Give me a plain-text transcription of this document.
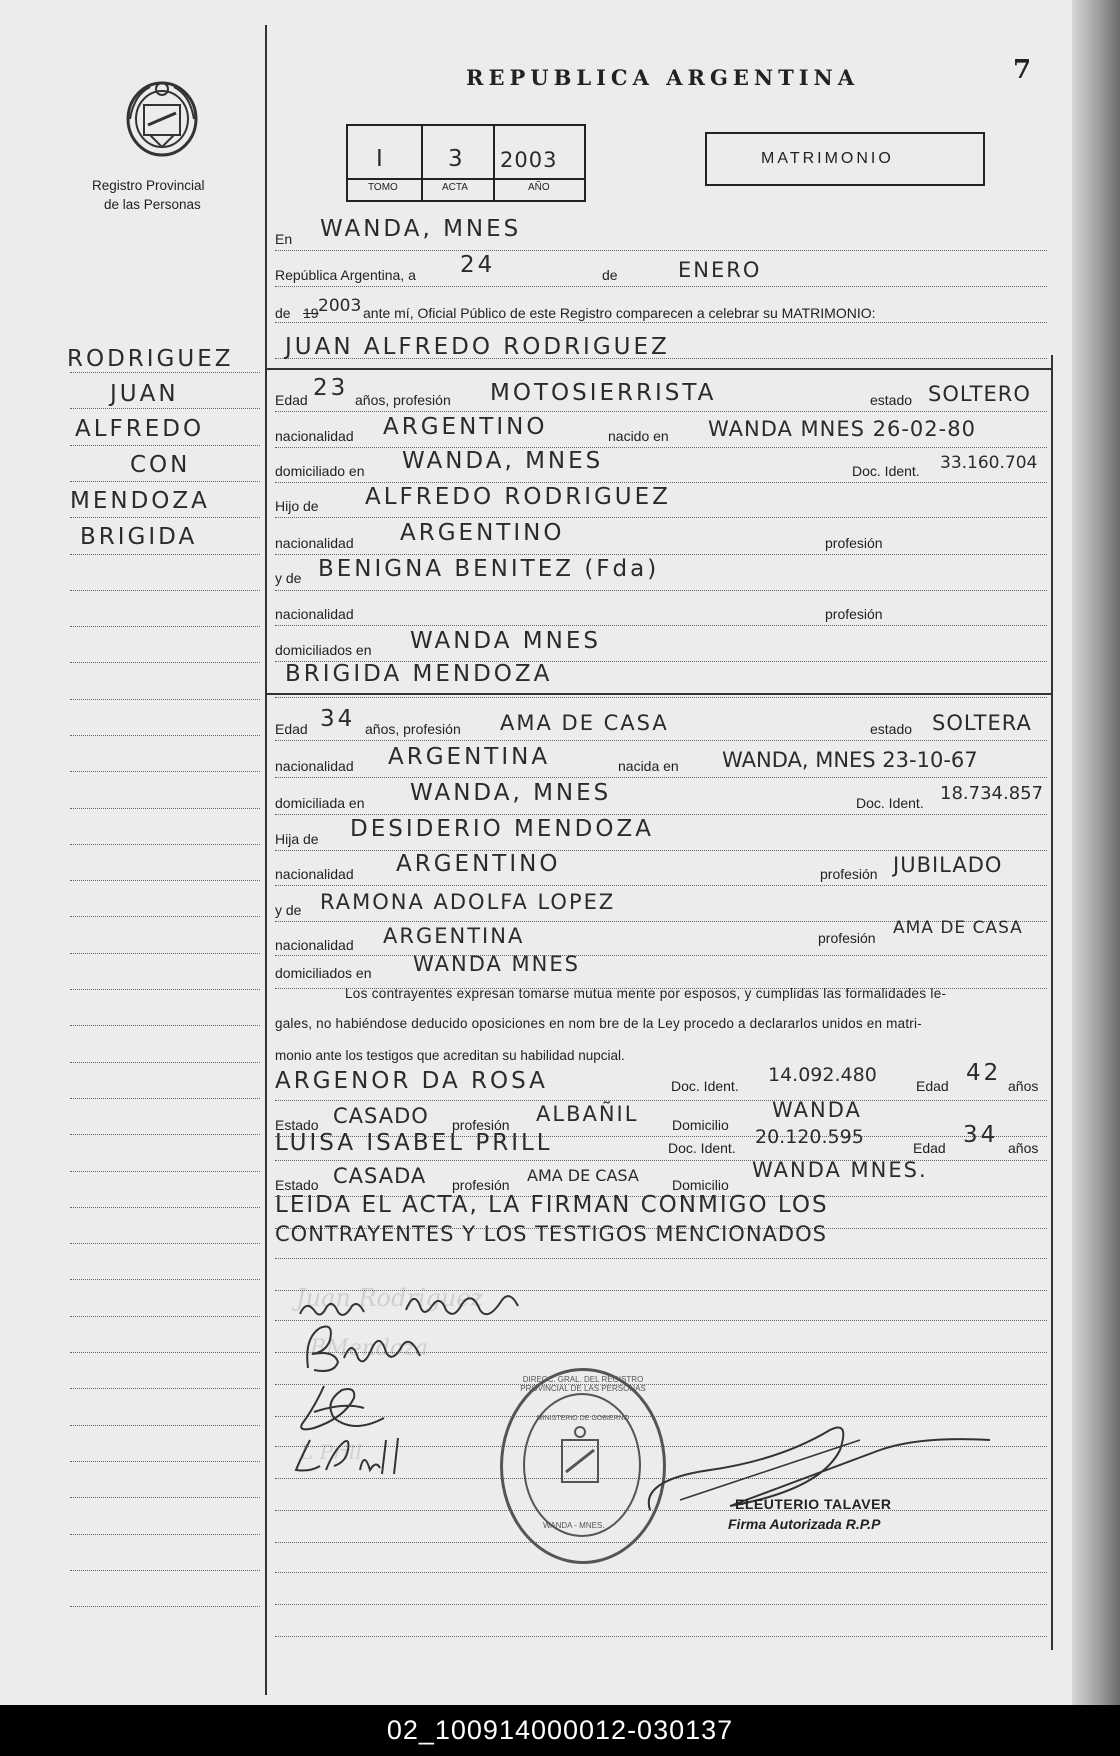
Registro Provincial
de las Personas
REPUBLICA ARGENTINA	7
I	3 2003
TOMO	ACTA	AÑO
MATRIMONIO
RODRIGUEZ
JUAN
ALFREDO
CON
MENDOZA
BRIGIDA
En WANDA, MNES
República Argentina, a 24	de	ENERO
de 19 2003 ante mí, Oficial Público de este Registro comparecen a celebrar su MATRIMONIO:
JUAN ALFREDO RODRIGUEZ
Edad 23 años, profesión MOTOSIERRISTA	estado SOLTERO
nacionalidad ARGENTINO	nacido en WANDA MNES 26-02-80
domiciliado en WANDA, MNES	Doc. Ident. 33.160.704
Hijo de ALFREDO RODRIGUEZ
nacionalidad ARGENTINO	profesión
y de BENIGNA BENITEZ (Fda)
nacionalidad	profesión
domiciliados en WANDA MNES
BRIGIDA MENDOZA
Edad 34 años, profesión AMA DE CASA	estado SOLTERA
nacionalidad ARGENTINA	nacida en WANDA, MNES 23-10-67
domiciliada en WANDA, MNES	Doc. Ident. 18.734.857
Hija de DESIDERIO MENDOZA
nacionalidad ARGENTINO	profesión JUBILADO
y de RAMONA ADOLFA LOPEZ
nacionalidad ARGENTINA	profesión AMA DE CASA
domiciliados en WANDA MNES
Los contrayentes expresan tomarse mutua mente por esposos, y cumplidas las formalidades le-
gales, no habiéndose deducido oposiciones en nom bre de la Ley procedo a declararlos unidos en matri-
monio ante los testigos que acreditan su habilidad nupcial.
ARGENOR DA ROSA	Doc. Ident. 14.092.480	Edad 42 años
Estado CASADO profesión ALBAÑIL Domicilio
WANDA
LUISA ISABEL PRILL	Doc. Ident. 20.120.595	Edad 34 años
Estado CASADA profesión AMA DE CASA Domicilio
WANDA MNES.
LEIDA EL ACTA, LA FIRMAN CONMIGO LOS
CONTRAYENTES Y LOS TESTIGOS MENCIONADOS
Juan Rodriguez
BMendoza
L Prill
DIRECC. GRAL. DEL REGISTRO PROVINCIAL DE LAS PERSONAS
MINISTERIO DE GOBIERNO
WANDA - MNES.
ELEUTERIO TALAVER
Firma Autorizada R.P.P
02_100914000012-030137
